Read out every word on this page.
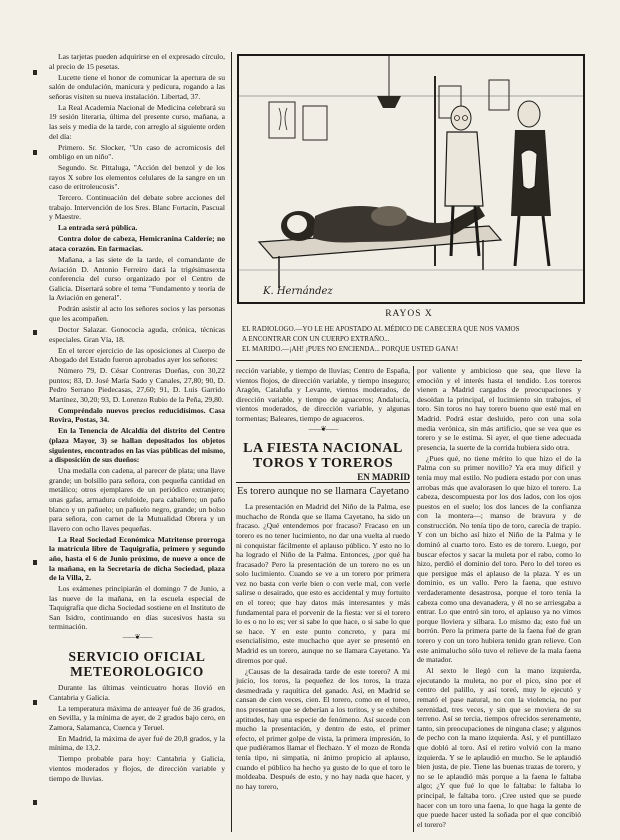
Las tarjetas pueden adquirirse en el expresado círculo, al precio de 15 pesetas.

Lucette tiene el honor de comunicar la apertura de su salón de ondulación, manicura y pedicura, rogando a las señoras visiten su nueva instalación. Libertad, 37.

La Real Academia Nacional de Medicina celebrará su 19 sesión literaria, última del presente curso, mañana, a las seis y media de la tarde, con arreglo al siguiente orden del día:

Primero. Sr. Slocker, "Un caso de acromicosis del ombligo en un niño".

Segundo. Sr. Pittaluga, "Acción del benzol y de los rayos X sobre los elementos celulares de la sangre en un caso de eritroleucosis".

Tercero. Continuación del debate sobre acciones del trabajo. Intervención de los Sres. Blanc Fortacín, Pascual y Maestre.

La entrada será pública.

Contra dolor de cabeza, Hemicranina Calderíe; no ataca corazón. En farmacias.

Mañana, a las siete de la tarde, el comandante de Aviación D. Antonio Ferreiro dará la trigésimasexta conferencia del curso organizado por el Centro de Galicia. Disertará sobre el tema "Fundamento y teoría de la Aviación en general".

Podrán asistir al acto los señores socios y las personas que les acompañen.

Doctor Salazar. Gonococia aguda, crónica, técnicas especiales. Gran Vía, 18.

En el tercer ejercicio de las oposiciones al Cuerpo de Abogado del Estado fueron aprobados ayer los señores:

Número 79, D. César Contreras Dueñas, con 30,22 puntos; 83, D. José María Sado y Canales, 27,80; 90, D. Pedro Serrano Piedecasas, 27,60; 91, D. Luis Garrido Martínez, 30,20; 93, D. Lorenzo Rubio de la Peña, 29,80.

Compréndalo nuevos precios reducidísimos. Casa Rovira, Postas, 34.

En la Tenencia de Alcaldía del distrito del Centro (plaza Mayor, 3) se hallan depositados los objetos siguientes, encontrados en las vías públicas del mismo, a disposición de sus dueños:

Una medalla con cadena, al parecer de plata; una llave grande; un bolsillo para señora, con pequeña cantidad en metálico; otros ejemplares de un periódico extranjero; unas gafas, armadura celuloide, para caballero; un paño blanco y un pañuelo; un pañuelo negro, grande; un bolso para señora, con carnet de la Mutualidad Obrera y un llavero con ocho llaves pequeñas.

La Real Sociedad Económica Matritense prorroga la matrícula libre de Taquigrafía, primero y segundo año, hasta el 6 de Junio próximo, de nueve a once de la mañana, en la Secretaría de dicha Sociedad, plaza de la Villa, 2.

Los exámenes principiarán el domingo 7 de Junio, a las nueve de la mañana, en la escuela especial de Taquigrafía que dicha Sociedad sostiene en el Instituto de San Isidro, continuando en días sucesivos hasta su terminación.

——❦——
SERVICIO OFICIAL METEOROLOGICO

Durante las últimas veinticuatro horas llovió en Cantabria y Galicia.

La temperatura máxima de anteayer fué de 36 grados, en Sevilla, y la mínima de ayer, de 2 grados bajo cero, en Zamora, Salamanca, Cuenca y Teruel.

En Madrid, la máxima de ayer fué de 20,8 grados, y la mínima, de 13,2.

Tiempo probable para hoy: Cantabria y Galicia, vientos moderados y flojos, de dirección variable y tiempo de lluvias.

K. Hernández
RAYOS X
EL RADIOLOGO.—YO LE HE APOSTADO AL MÉDICO DE CABECERA QUE NOS VAMOS
A ENCONTRAR CON UN CUERPO EXTRAÑO...
EL MARIDO.—¡AH! ¡PUES NO ENCIENDA... PORQUE USTED GANA!

rección variable, y tiempo de lluvias; Centro de España, vientos flojos, de dirección variable, y tiempo inseguro; Aragón, Cataluña y Levante, vientos moderados, de dirección variable, y tiempo de aguaceros; Andalucía, vientos moderados, de dirección variable, y algunas tormentas; Baleares, tiempo de aguaceros.

——❦——
LA FIESTA NACIONAL TOROS Y TOREROS
EN MADRID
Es torero aunque no se llamara Cayetano

La presentación en Madrid del Niño de la Palma, ese muchacho de Ronda que se llama Cayetano, ha sido un fracaso. ¿Qué entendemos por fracaso? Fracaso en un torero es no tener lucimiento, no dar una vuelta al ruedo ni conquistar fácilmente el aplauso público. Y esto no lo ha logrado el Niño de la Palma. Entonces, ¿por qué ha fracasado? Pero la presentación de un torero no es un solo lucimiento. Cuando se ve a un torero por primera vez no basta con verle bien o con verle mal, con verle salirse o desairado, que esto es accidental y muy fortuito en el toreo; que hay datos más interesantes y más fundamental para el porvenir de la fiesta: ver si el torero lo es o no lo es; ver si sabe lo que hace, o si sabe lo que se hace. Y en este punto concreto, y para mí esencialísimo, este muchacho que ayer se presentó en Madrid es un torero, aunque no se llamara Cayetano. Ya diremos por qué.

¿Causas de la desairada tarde de este torero? A mi juicio, los toros, la pequeñez de los toros, la traza desmedrada y raquítica del ganado. Así, en Madrid se cansan de cien veces, cien. El torero, como en el toreo, nos presentan que se deberían a los toritos, y se exhiben aptitudes, hay una especie de fenómeno. Así sucede con mucho la presentación, y dentro de esto, el primer efecto, el primer golpe de vista, la primera impresión, lo que pudiéramos llamar el flechazo. Y el mozo de Ronda tenía tipo, ni simpatía, ni ánimo propicio al aplauso, cuando el público ha hecho ya gusto de lo que el toro le moldeaba. Después de esto, y no hay nada que hacer, y no hay torero,

por valiente y ambicioso que sea, que lleve la emoción y el interés hasta el tendido. Los toreros vienen a Madrid cargados de preocupaciones y desoídan la principal, el lucimiento sin trabajos, el toro. Sin toros no hay torero bueno que esté mal en Madrid. Podrá estar desluido, pero con una sola media verónica, sin más artificio, que se vea que es torero y se le estima. Si ayer, el que tiene adecuada presencia, la suerte de la corrida hubiera sido otra.

¿Pues qué, no tiene mérito lo que hizo el de la Palma con su primer novillo? Ya era muy difícil y tenía muy mal estilo. No pudiera estado por con unas arrobas más que avalorasen lo que hizo el torero. La cabeza, descompuesta por los dos lados, con los ojos puestos en el suelo; los dos lances de la confianza con la montera—; manso de bravura y de construcción. No tenía tipo de toro, carecía de trapío. Y con un bicho así hizo el Niño de la Palma y le dominó al cuarto toro. Esto es de torero. Luego, por buscar efectos y sacar la muleta por el rabo, como lo hizo, perdió el dominio del toro. Pero lo del toreo es que persigue más el aplauso de la plaza. Y es un dominio, es un vallo. Pero la faena, que estuvo verdaderamente desastrosa, porque el toro tenía la cabeza como una devanadera, y él no se arriesgaba a entrar. Lo que entró sin toro, el aplauso ya no vimos porque lloviera y silbara. Lo mismo da; esto fué un borrón. Pero la primera parte de la faena fué de gran torero y con un toro hubiera tenido gran relieve. Con este animalucho sólo tuvo el relieve de la mala faena de matador.

Al sexto le llegó con la mano izquierda, ejecutando la muleta, no por el pico, sino por el centro del palillo, y así toreó, muy le ejecutó y remató el pase natural, no con la violencia, no por serenidad, tres veces, y sin que se moviera de su terreno. Así se tercia, tiempos ofrecidos serenamente, tanto, sin preocupaciones de ninguna clase; y algunos de pecho con la mano izquierda. Así, y el puntillazo que dobló al toro. Así el retiro volvió con la mano izquierda. Y se le aplaudió en mucho. Se le aplaudió bien justa, de pie. Tiene las buenas trazas de torero, y no se le aplaudió más porque a la faena le faltaba algo; ¿Y que fué lo que le faltaba: le faltaba lo principal, le faltaba toro. ¡Cree usted que se puede hacer con un toro una faena, lo que haga la gente de que puede hacer usted la soñada por el que concibió el torero?
